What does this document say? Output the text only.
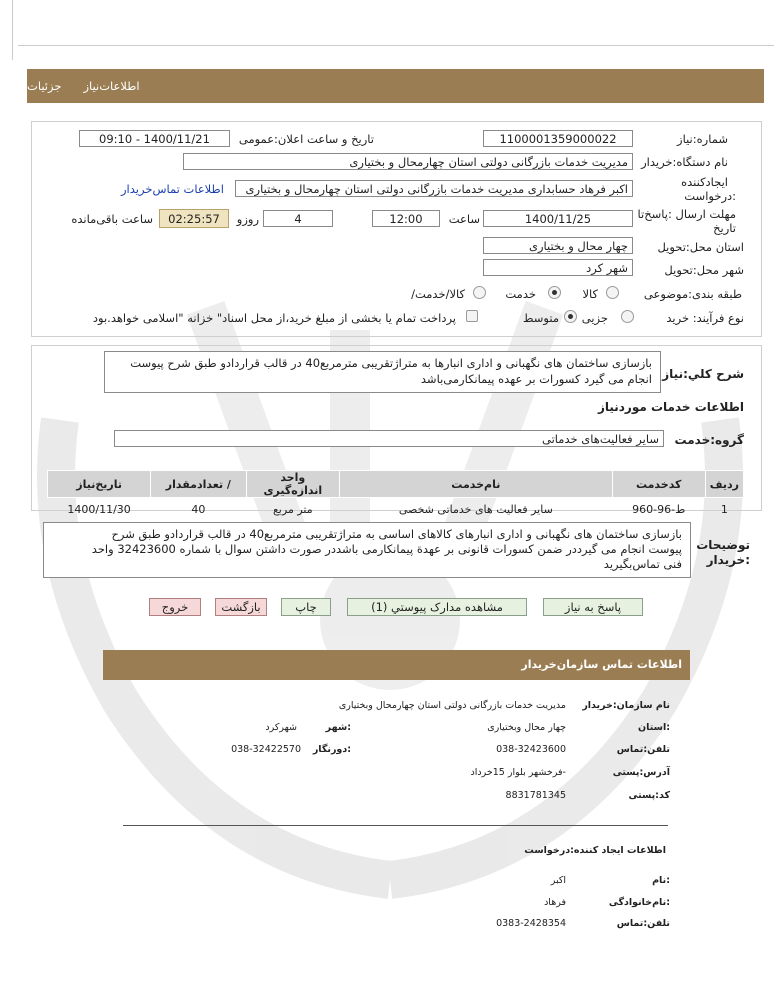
اطلاعات‌نیاز
جزئیات
شماره:نیاز
1100001359000022
تاریخ و ساعت اعلان:عمومی
1400/11/21 - 09:10
نام دستگاه:خریدار
مدیریت خدمات بازرگانی دولتی استان چهارمحال و بختیاری
ایجادکننده
:درخواست
اکبر فرهاد حسابداری مدیریت خدمات بازرگانی دولتی استان چهارمحال و بختیاری
اطلاعات تماس‌خریدار
مهلت ارسال :پاسخ‌تا
تاریخ
1400/11/25
ساعت
12:00
4
روزو
02:25:57
ساعت باقی‌مانده
استان محل:تحویل
چهار محال و بختیاری
شهر محل:تحویل
شهر کرد
طبقه بندی:موضوعی
کالا
خدمت
کالا/خدمت/
نوع فرآیند: خرید
جزیی
متوسط
پرداخت تمام یا بخشی از مبلغ خرید،از محل اسناد" خزانه "اسلامی خواهد.بود
شرح كلي:نیاز
بازسازی ساختمان های نگهبانی و اداری انبارها به متراژتقریبی مترمربع40 در قالب قراردادو طبق شرح پیوست
انجام می گیرد کسورات بر عهده پیمانکارمی‌باشد
اطلاعات خدمات موردنیاز
گروه:خدمت
سایر فعالیت‌های خدماتی
ردیف	کدخدمت	نام‌خدمت	واحد اندازه‌گیری	/ تعدادمقدار	تاریخ‌نیاز
1	ط-96-960	سایر فعالیت های خدماتی شخصی	متر مربع	40	1400/11/30
توضیحات
:خریدار
بازسازی ساختمان های نگهبانی و اداری انبارهای کالاهای اساسی به متراژتقریبی مترمربع40 در قالب قراردادو طبق شرح
پیوست انجام می گیرددر ضمن کسورات قانونی بر عهدة پیمانکارمی باشددر صورت داشتن سوال با شماره 32423600 واحد
فنی تماس‌بگیرید
پاسخ به نیاز
مشاهده مدارک پیوستي (1)
چاپ
بازگشت
خروج
اطلاعات تماس سازمان‌خریدار
نام سازمان:خریدار
مدیریت خدمات بازرگانی دولتی استان چهارمحال وبختیاری
:استان
چهار محال وبختیاری
:شهر
شهرکرد
تلفن:تماس
038-32423600
:دورنگار
038-32422570
آدرس:پستی
-فرخشهر بلوار 15خرداد
کد:پستی
8831781345
اطلاعات ایجاد کننده:درخواست
:نام
اکبر
:نام‌خانوادگی
فرهاد
تلفن:تماس
0383-2428354
